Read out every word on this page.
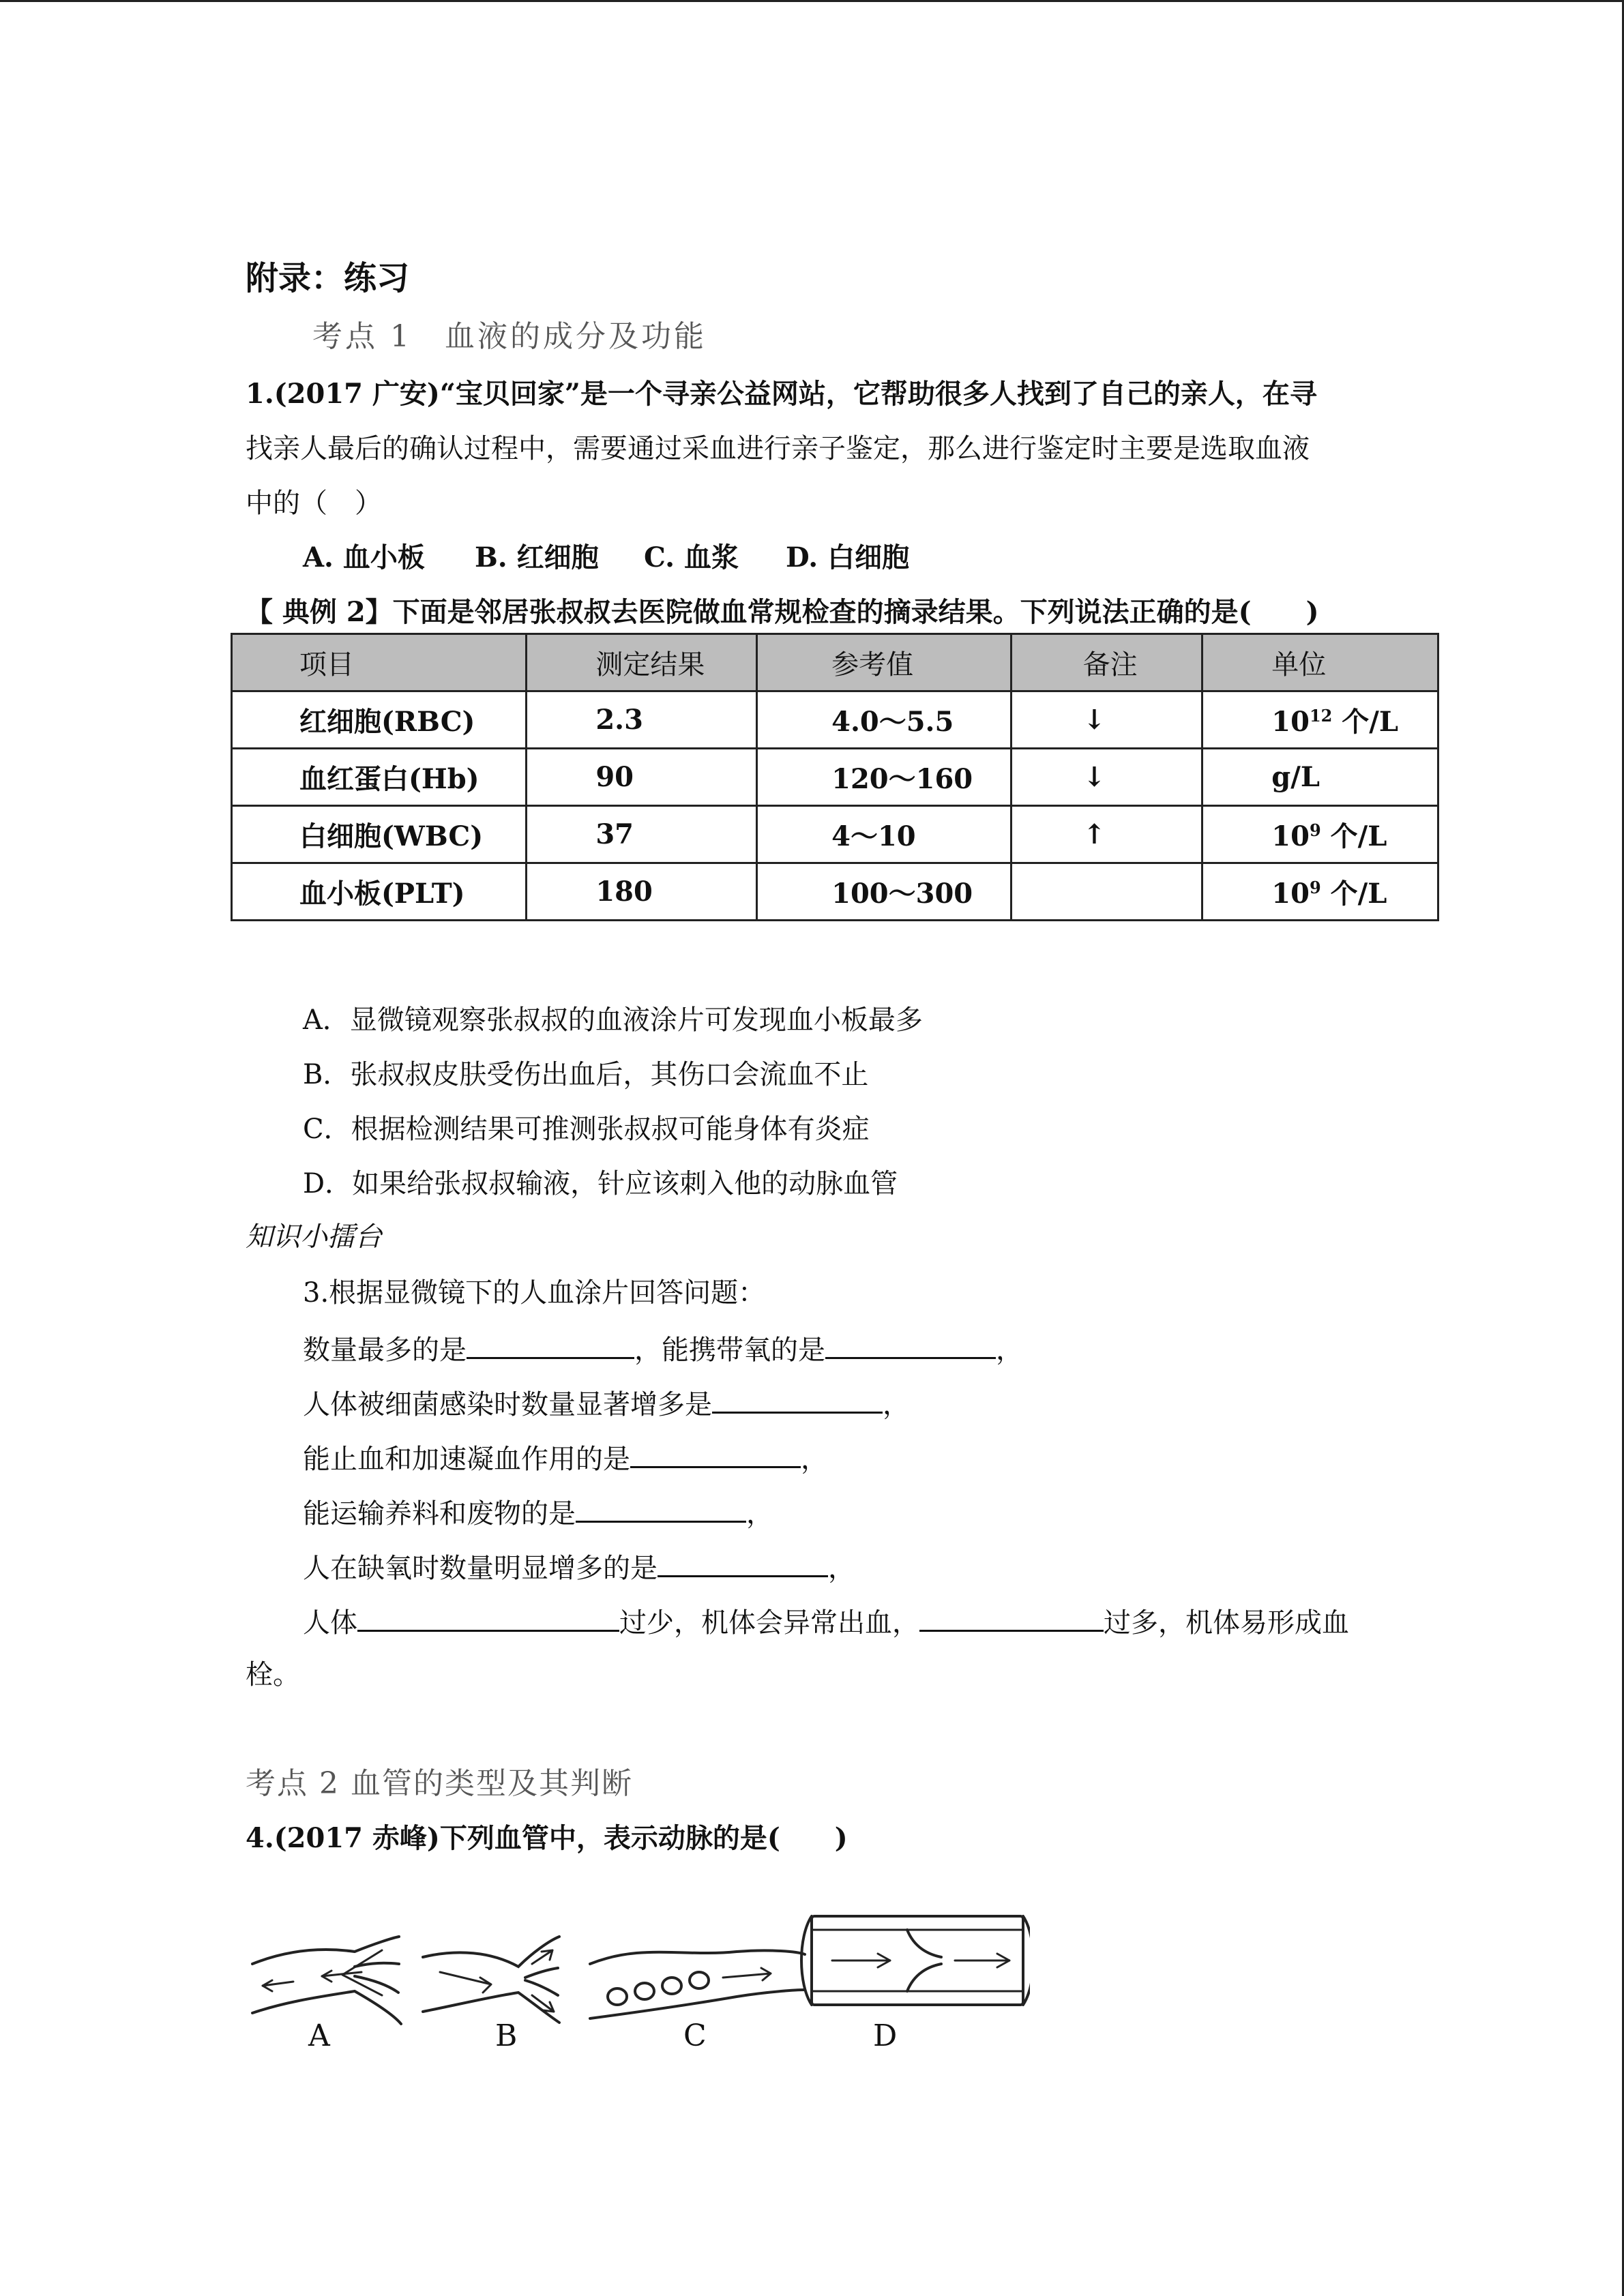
附录：练习
考点 1　血液的成分及功能
1.(2017 广安)“宝贝回家”是一个寻亲公益网站，它帮助很多人找到了自己的亲人，在寻
找亲人最后的确认过程中，需要通过采血进行亲子鉴定，那么进行鉴定时主要是选取血液
中的（　）
A. 血小板 B. 红细胞 C. 血浆 D. 白细胞
【 典例 2】下面是邻居张叔叔去医院做血常规检查的摘录结果。下列说法正确的是(　　)
项目	测定结果	参考值	备注	单位
红细胞(RBC)	2.3	4.0～5.5	↓	$10^{12}$ 个/L
血红蛋白(Hb)	90	120～160	↓	g/L
白细胞(WBC)	37	4～10	↑	$10^9$ 个/L
血小板(PLT)	180	100～300		$10^9$ 个/L
A．显微镜观察张叔叔的血液涂片可发现血小板最多
B．张叔叔皮肤受伤出血后，其伤口会流血不止
C．根据检测结果可推测张叔叔可能身体有炎症
D．如果给张叔叔输液，针应该刺入他的动脉血管
知识小擂台
3.根据显微镜下的人血涂片回答问题：
数量最多的是	，能携带氧的是	，
人体被细菌感染时数量显著增多是	，
能止血和加速凝血作用的是	，
能运输养料和废物的是	，
人在缺氧时数量明显增多的是	，
人体	过少，机体会异常出血，	过多，机体易形成血
栓。
考点 2 血管的类型及其判断
4.(2017 赤峰)下列血管中，表示动脉的是(　　)
A	B	C	D
